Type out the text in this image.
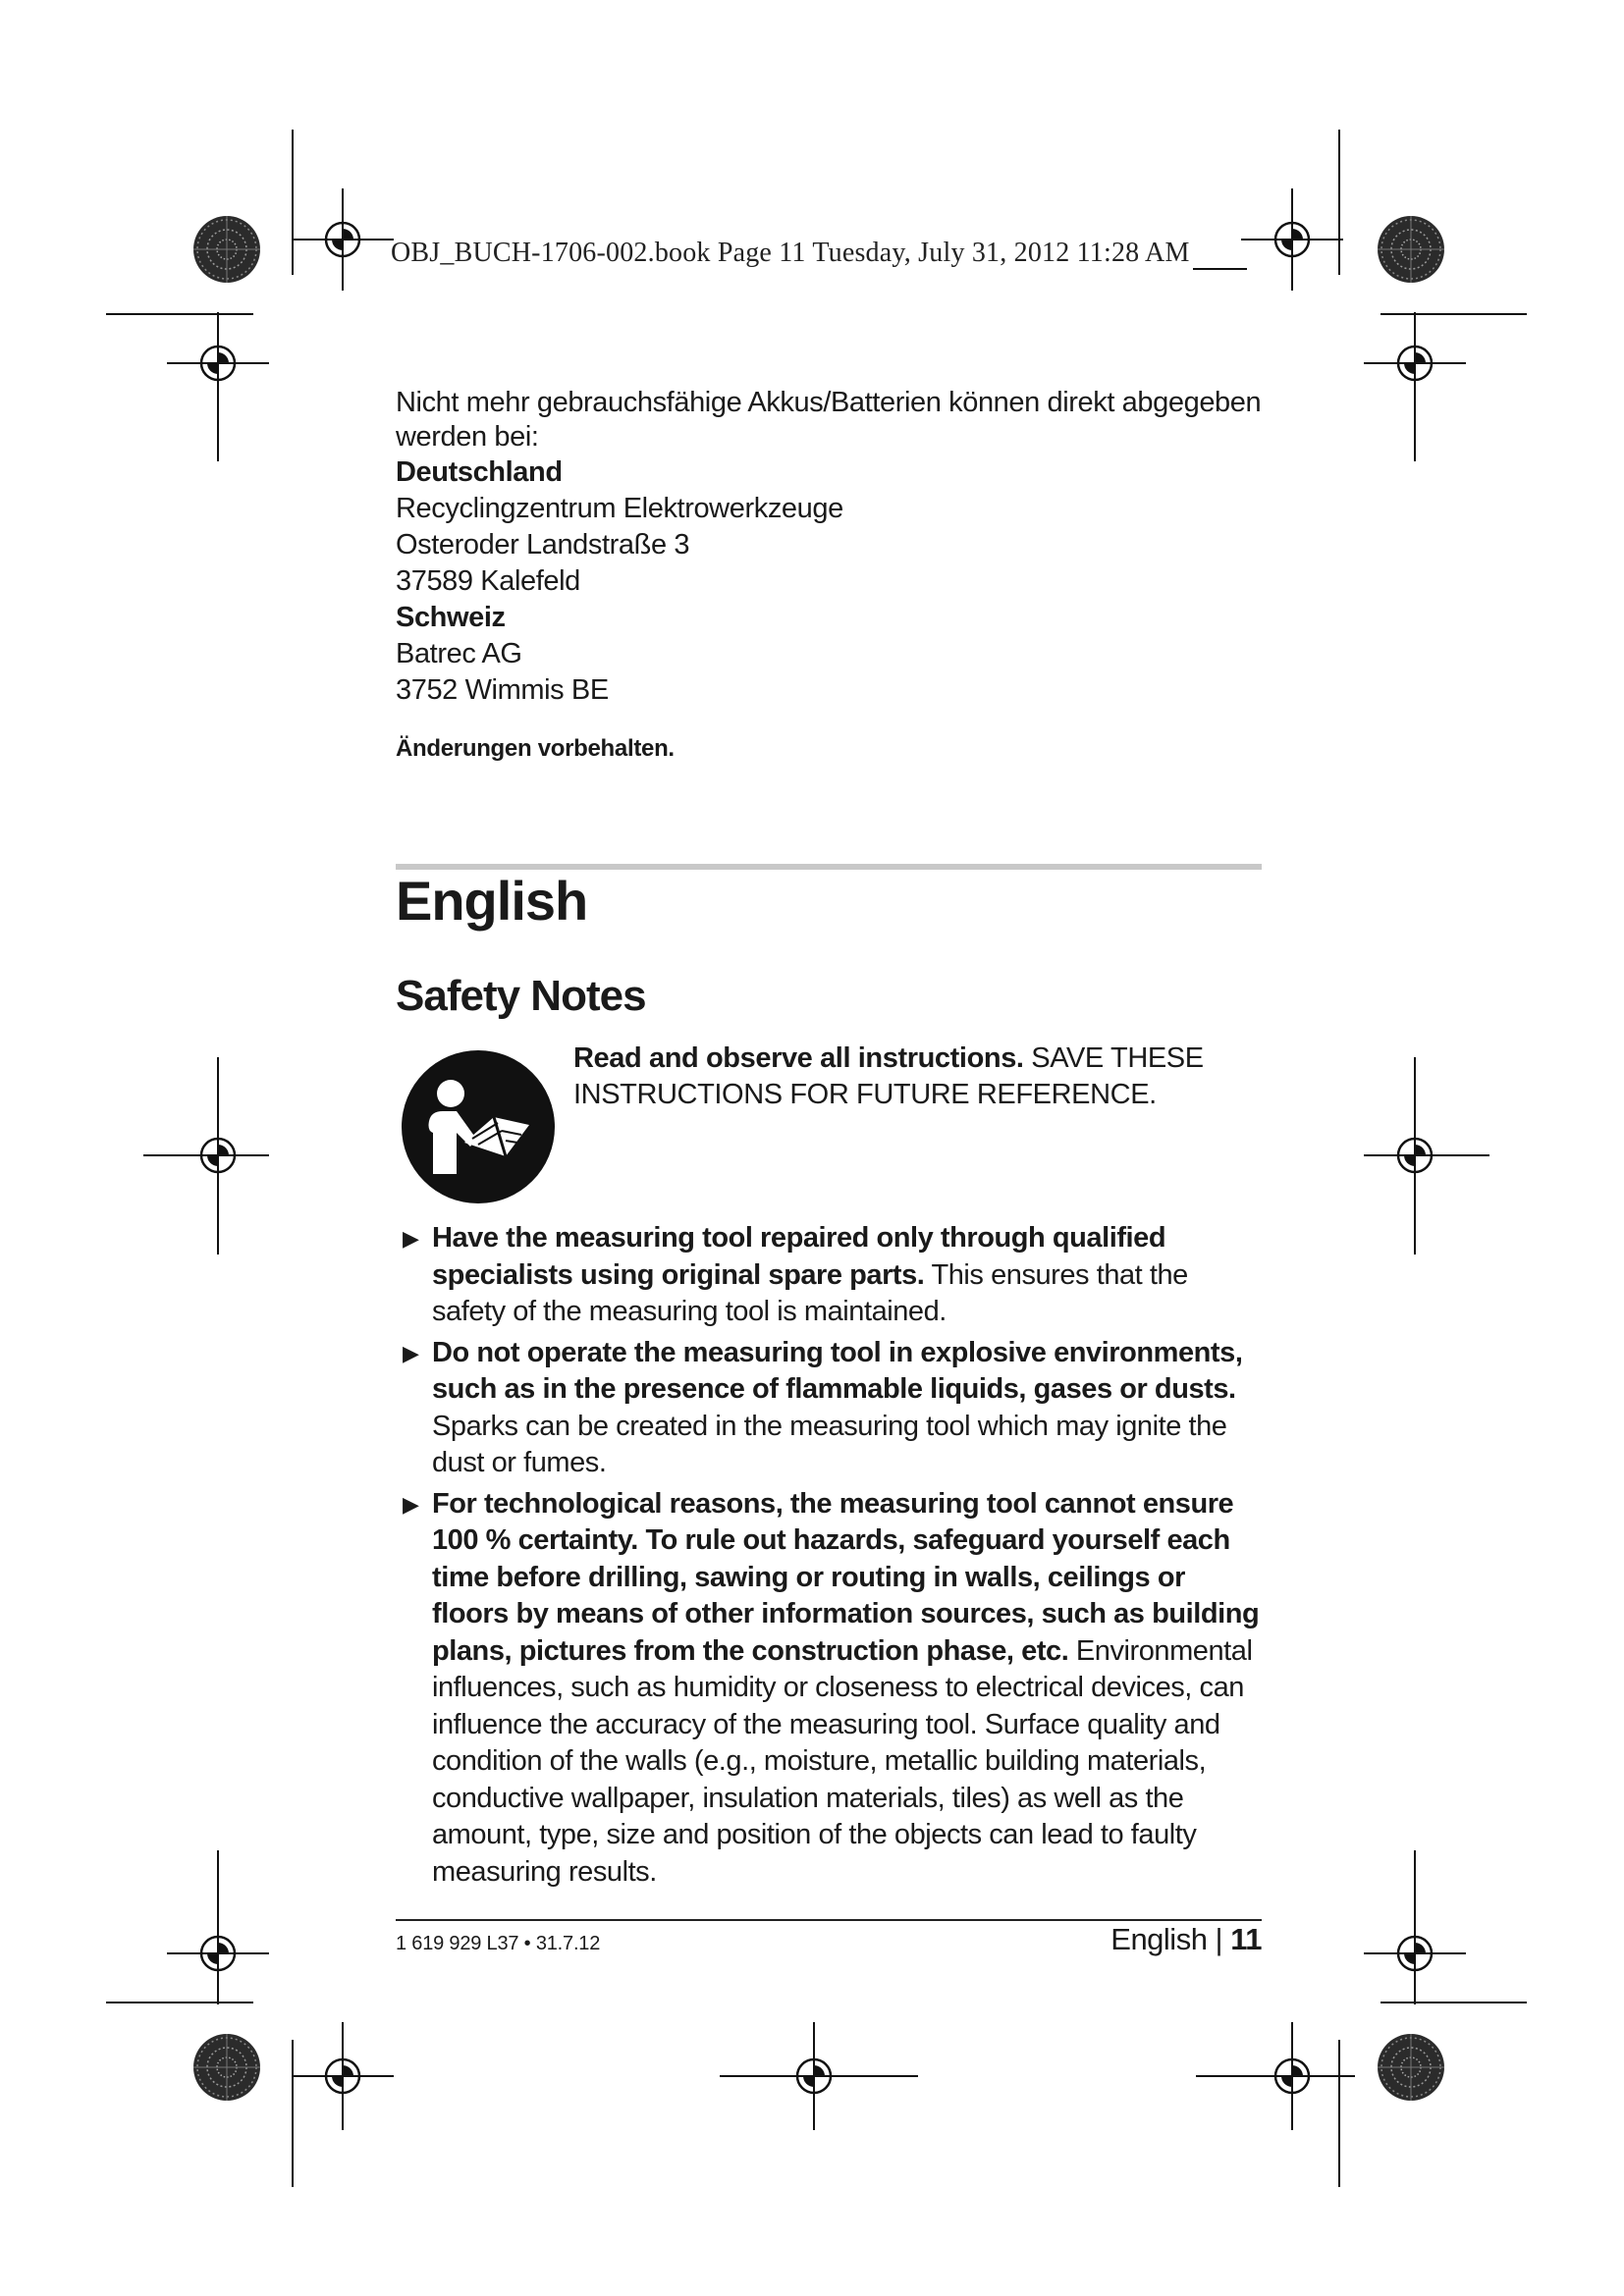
OBJ_BUCH-1706-002.book Page 11 Tuesday, July 31, 2012 11:28 AM

Nicht mehr gebrauchsfähige Akkus/Batterien können direkt abgegeben werden bei:

Deutschland

Recyclingzentrum Elektrowerkzeuge

Osteroder Landstraße 3

37589 Kalefeld

Schweiz

Batrec AG

3752 Wimmis BE

Änderungen vorbehalten.

English
Safety Notes
Read and observe all instructions. SAVE THESE INSTRUCTIONS FOR FUTURE REFERENCE.
▶ Have the measuring tool repaired only through qualified specialists using original spare parts. This ensures that the safety of the measuring tool is maintained.
▶ Do not operate the measuring tool in explosive environments, such as in the presence of flammable liquids, gases or dusts. Sparks can be created in the measuring tool which may ignite the dust or fumes.
▶ For technological reasons, the measuring tool cannot ensure 100 % certainty. To rule out hazards, safeguard yourself each time before drilling, sawing or routing in walls, ceilings or floors by means of other information sources, such as building plans, pictures from the construction phase, etc. Environmental influences, such as humidity or closeness to electrical devices, can influence the accuracy of the measuring tool. Surface quality and condition of the walls (e.g., moisture, metallic building materials, conductive wallpaper, insulation materials, tiles) as well as the amount, type, size and position of the objects can lead to faulty measuring results.
1 619 929 L37 • 31.7.12	English | 11
